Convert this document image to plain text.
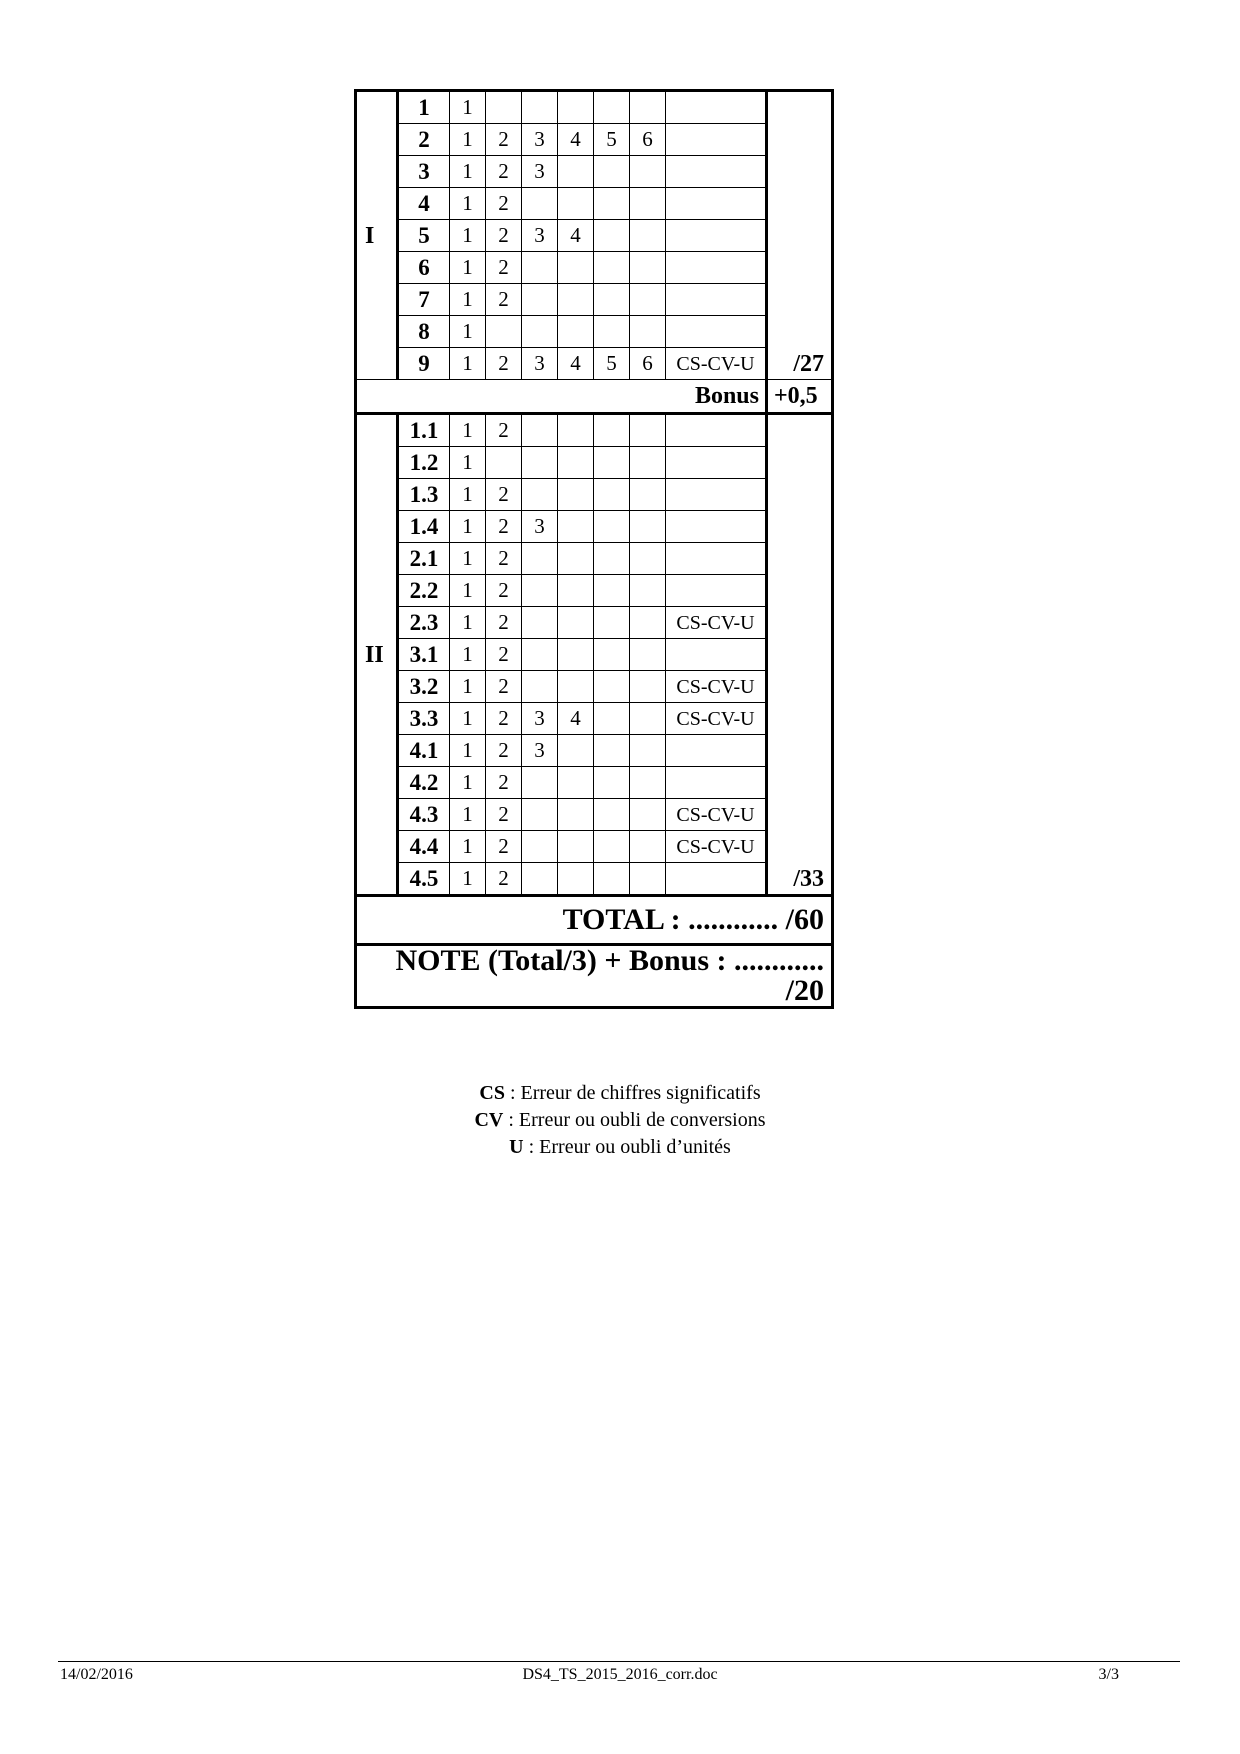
I	1	1							/27
	2	1	2	3	4	5	6		
	3	1	2	3					
	4	1	2						
	5	1	2	3	4				
	6	1	2						
	7	1	2						
	8	1							
	9	1	2	3	4	5	6	CS-CV-U	
Bonus									+0,5
II	1.1	1	2						/33
	1.2	1							
	1.3	1	2						
	1.4	1	2	3					
	2.1	1	2						
	2.2	1	2						
	2.3	1	2					CS-CV-U	
	3.1	1	2						
	3.2	1	2					CS-CV-U	
	3.3	1	2	3	4			CS-CV-U	
	4.1	1	2	3					
	4.2	1	2						
	4.3	1	2					CS-CV-U	
	4.4	1	2					CS-CV-U	
	4.5	1	2						
TOTAL : ............ /60									
NOTE (Total/3) + Bonus : ............ /20									
CS : Erreur de chiffres significatifs
CV : Erreur ou oubli de conversions
U : Erreur ou oubli d’unités
14/02/2016	DS4_TS_2015_2016_corr.doc	3/3
